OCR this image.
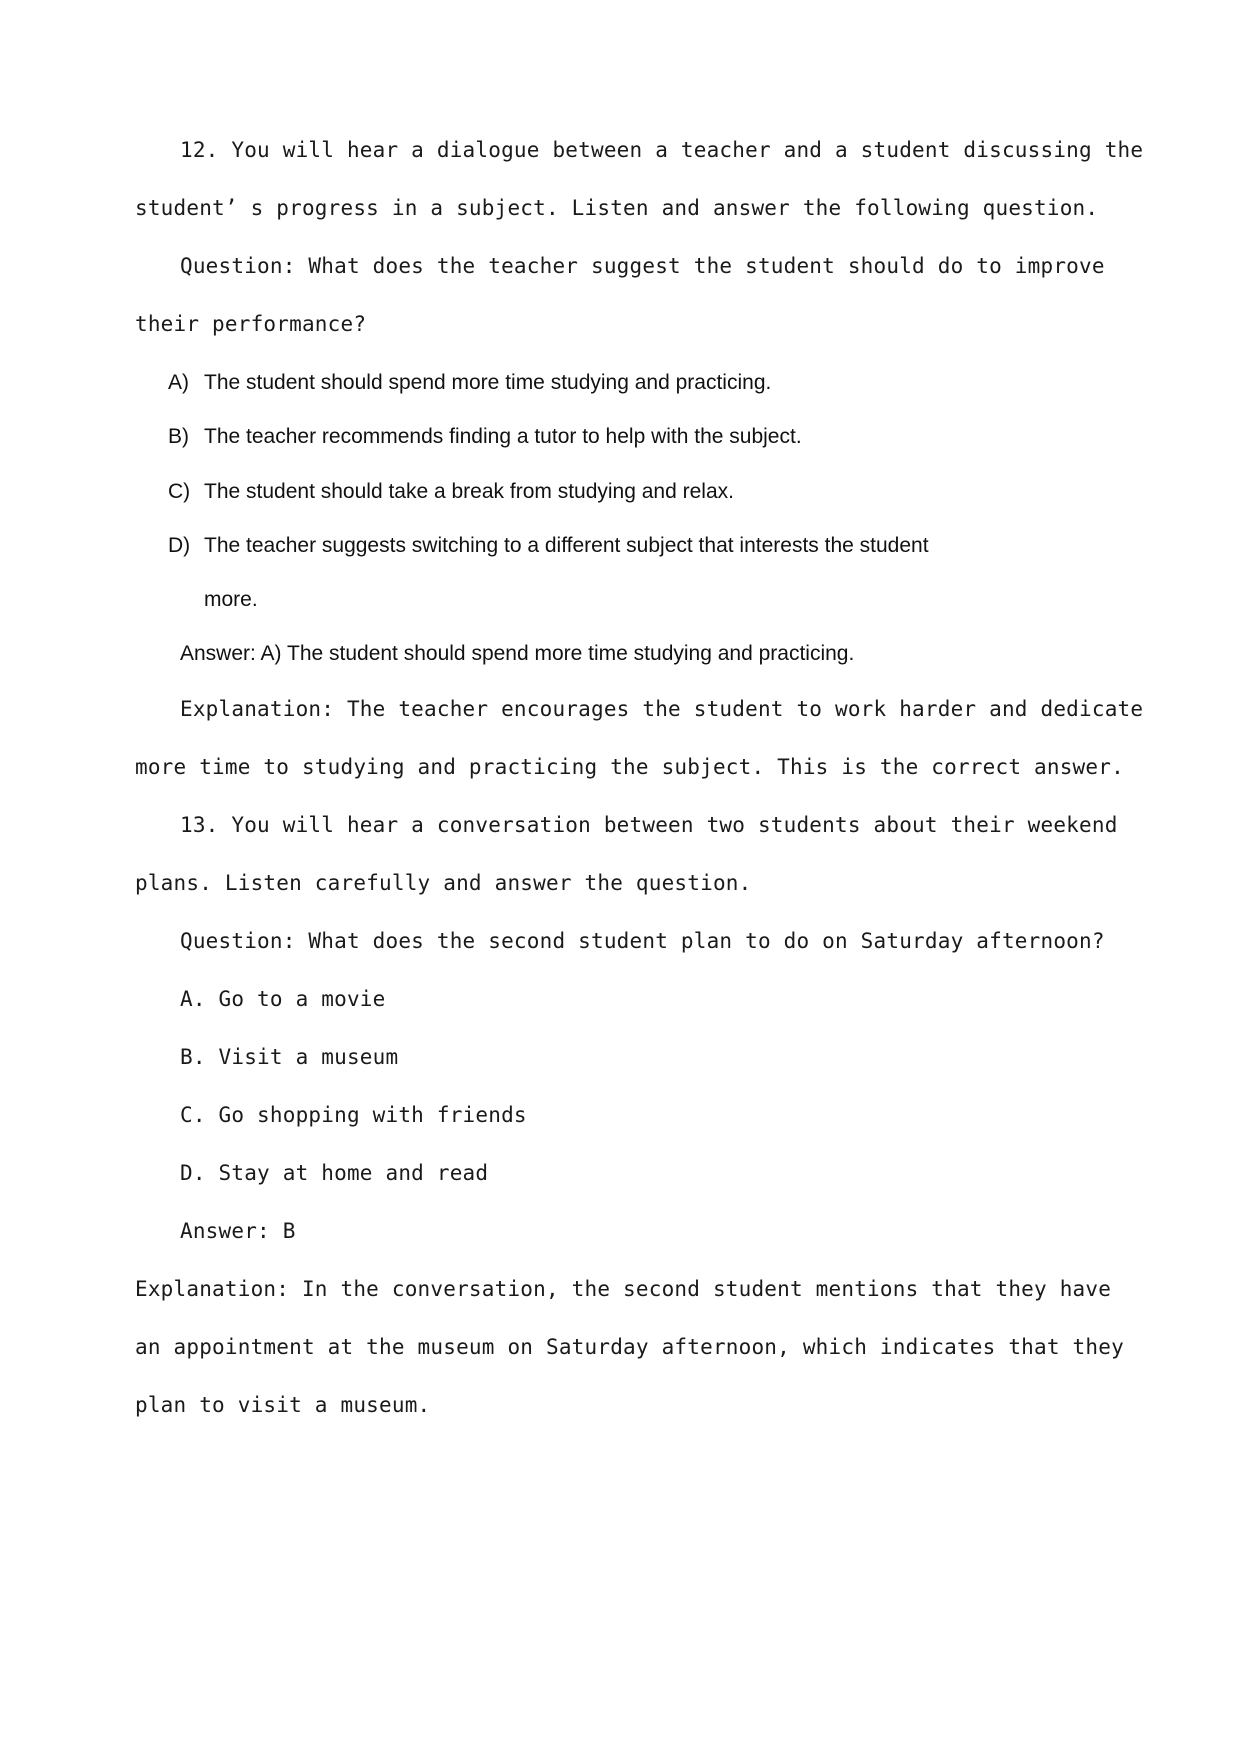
12. You will hear a dialogue between a teacher and a student discussing the
student’ s progress in a subject. Listen and answer the following question.
Question: What does the teacher suggest the student should do to improve
their performance?
A) The student should spend more time studying and practicing.
B) The teacher recommends finding a tutor to help with the subject.
C) The student should take a break from studying and relax.
D) The teacher suggests switching to a different subject that interests the student
more.
Answer: A) The student should spend more time studying and practicing.
Explanation: The teacher encourages the student to work harder and dedicate
more time to studying and practicing the subject. This is the correct answer.
13. You will hear a conversation between two students about their weekend
plans. Listen carefully and answer the question.
Question: What does the second student plan to do on Saturday afternoon?
A. Go to a movie
B. Visit a museum
C. Go shopping with friends
D. Stay at home and read
Answer: B
Explanation: In the conversation, the second student mentions that they have
an appointment at the museum on Saturday afternoon, which indicates that they
plan to visit a museum.
